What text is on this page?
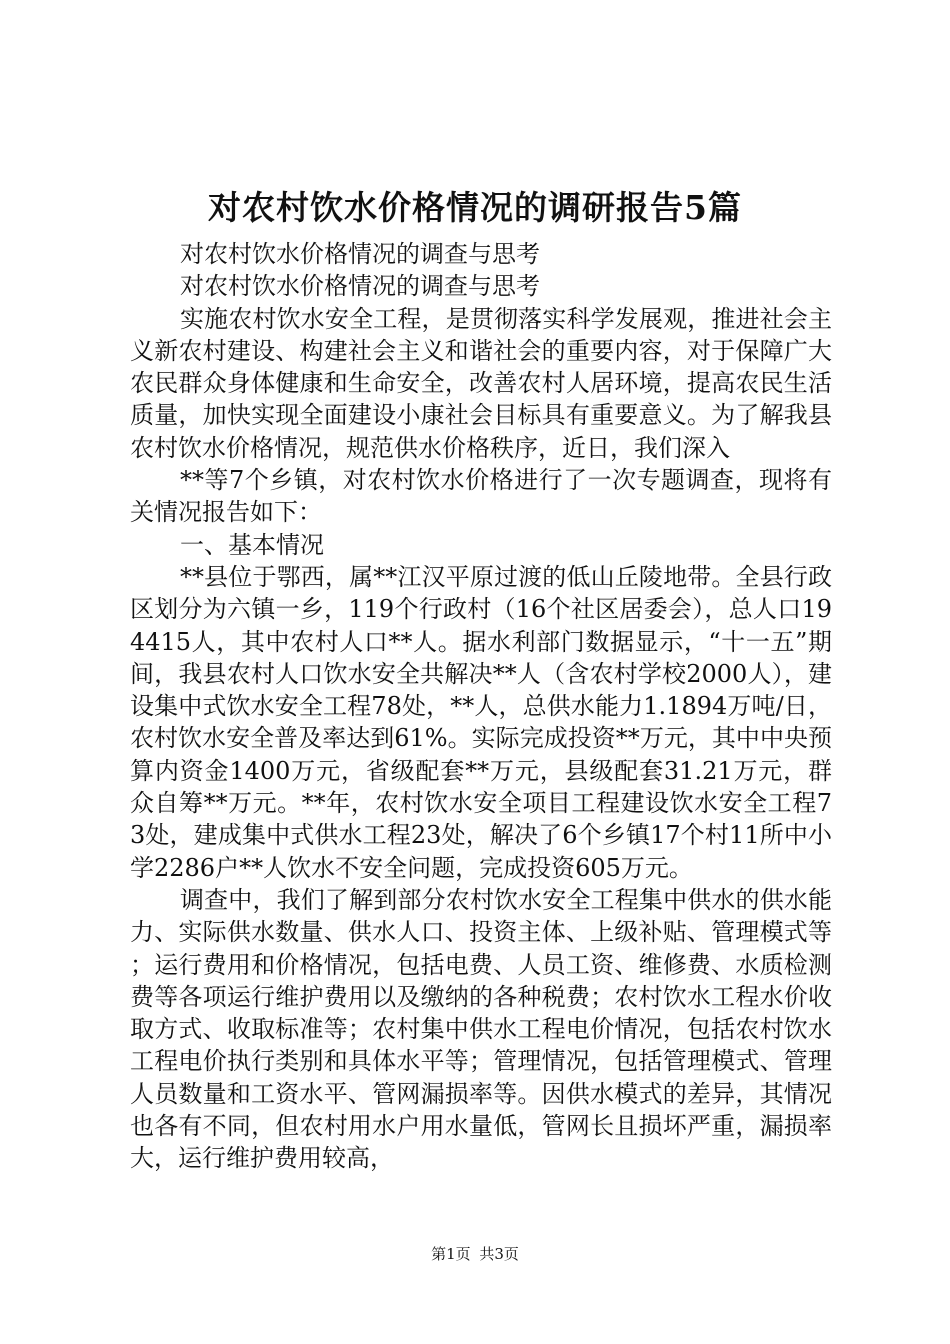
对农村饮水价格情况的调研报告5篇

对农村饮水价格情况的调查与思考

对农村饮水价格情况的调查与思考

实施农村饮水安全工程，是贯彻落实科学发展观，推进社会主义新农村建设、构建社会主义和谐社会的重要内容，对于保障广大农民群众身体健康和生命安全，改善农村人居环境，提高农民生活质量，加快实现全面建设小康社会目标具有重要意义。为了解我县农村饮水价格情况，规范供水价格秩序，近日，我们深入

**等7个乡镇，对农村饮水价格进行了一次专题调查，现将有关情况报告如下：

一、基本情况

**县位于鄂西，属**江汉平原过渡的低山丘陵地带。全县行政区划分为六镇一乡，119个行政村（16个社区居委会），总人口194415人，其中农村人口**人。据水利部门数据显示，“十一五”期间，我县农村人口饮水安全共解决**人（含农村学校2000人），建设集中式饮水安全工程78处，**人，总供水能力1.1894万吨/日，农村饮水安全普及率达到61%。实际完成投资**万元，其中中央预算内资金1400万元，省级配套**万元，县级配套31.21万元，群众自筹**万元。**年，农村饮水安全项目工程建设饮水安全工程73处，建成集中式供水工程23处，解决了6个乡镇17个村11所中小学2286户**人饮水不安全问题，完成投资605万元。

调查中，我们了解到部分农村饮水安全工程集中供水的供水能力、实际供水数量、供水人口、投资主体、上级补贴、管理模式等；运行费用和价格情况，包括电费、人员工资、维修费、水质检测费等各项运行维护费用以及缴纳的各种税费；农村饮水工程水价收取方式、收取标准等；农村集中供水工程电价情况，包括农村饮水工程电价执行类别和具体水平等；管理情况，包括管理模式、管理人员数量和工资水平、管网漏损率等。因供水模式的差异，其情况也各有不同，但农村用水户用水量低，管网长且损坏严重，漏损率大，运行维护费用较高，

第1页 共3页
